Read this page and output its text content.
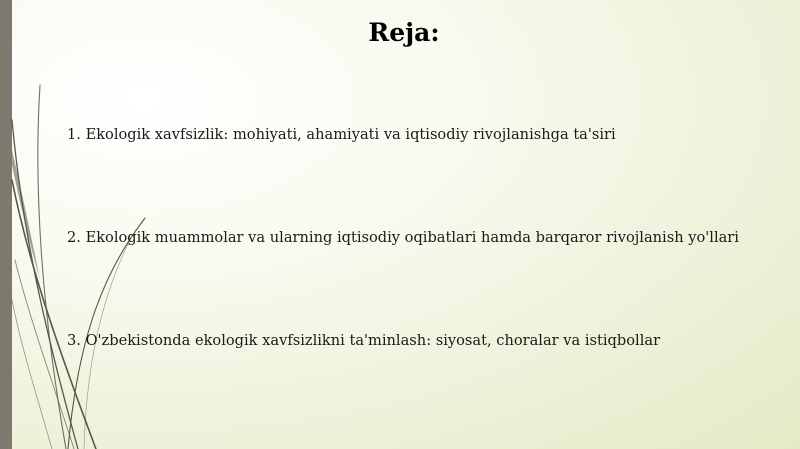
Reja:
1. Ekologik xavfsizlik: mohiyati, ahamiyati va iqtisodiy rivojlanishga ta'siri
2. Ekologik muammolar va ularning iqtisodiy oqibatlari hamda barqaror rivojlanish yo'llari
3. O'zbekistonda ekologik xavfsizlikni ta'minlash: siyosat, choralar va istiqbollar
